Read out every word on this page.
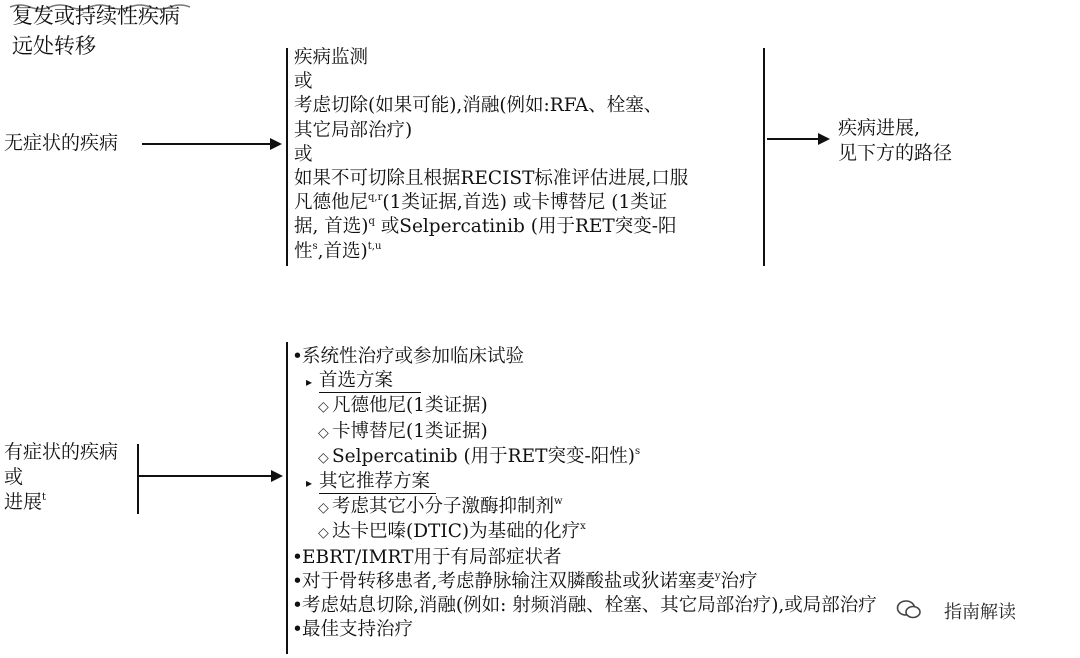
复发或持续性疾病
远处转移
无症状的疾病
疾病监测
或
考虑切除(如果可能),消融(例如:RFA、栓塞、
其它局部治疗)
或
如果不可切除且根据RECIST标准评估进展,口服
凡德他尼$^{q,r}$(1类证据,首选) 或卡博替尼 (1类证
据, 首选)$^q$ 或Selpercatinib (用于RET突变-阳
性$^s$,首选)$^{t,u}$
疾病进展,
见下方的路径
有症状的疾病
或
进展$^t$
•系统性治疗或参加临床试验
▸ 首选方案
◇ 凡德他尼(1类证据)
◇ 卡博替尼(1类证据)
◇ Selpercatinib (用于RET突变-阳性)$^s$
▸ 其它推荐方案
◇ 考虑其它小分子激酶抑制剂$^w$
◇ 达卡巴嗪(DTIC)为基础的化疗$^x$
•EBRT/IMRT用于有局部症状者
•对于骨转移患者,考虑静脉输注双膦酸盐或狄诺塞麦$^y$治疗
•考虑姑息切除,消融(例如: 射频消融、栓塞、其它局部治疗),或局部治疗
•最佳支持治疗
指南解读
